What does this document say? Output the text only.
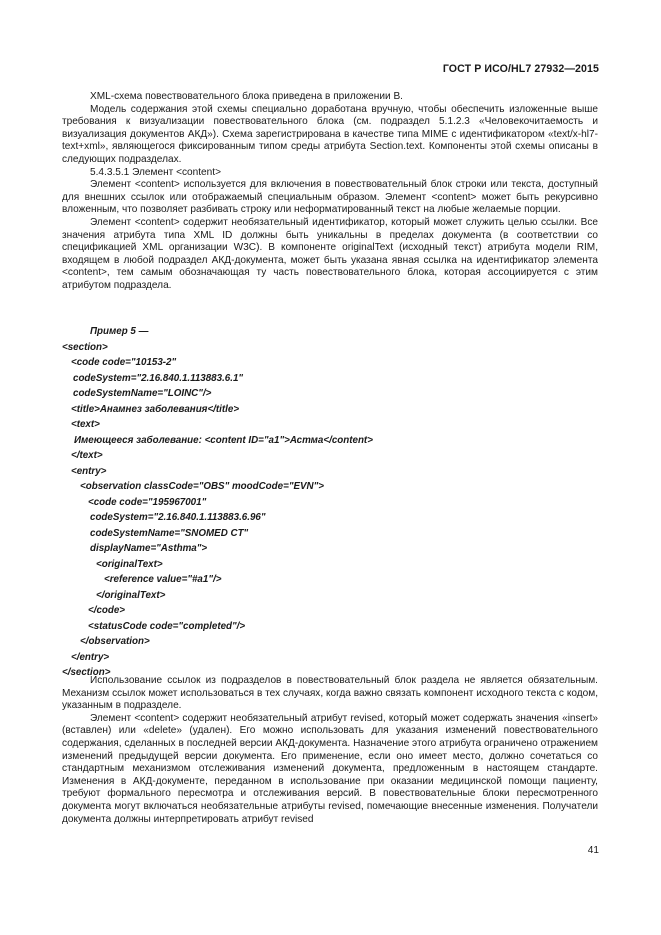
ГОСТ Р ИСО/HL7 27932—2015

XML-схема повествовательного блока приведена в приложении В.

Модель содержания этой схемы специально доработана вручную, чтобы обеспечить изложенные выше требования к визуализации повествовательного блока (см. подраздел 5.1.2.3 «Человекочитаемость и визуализация документов АКД»). Схема зарегистрирована в качестве типа MIME с идентификатором «text/x-hl7-text+xml», являющегося фиксированным типом среды атрибута Section.text. Компоненты этой схемы описаны в следующих подразделах.

5.4.3.5.1 Элемент <content>

Элемент <content> используется для включения в повествовательный блок строки или текста, доступный для внешних ссылок или отображаемый специальным образом. Элемент <content> может быть рекурсивно вложенным, что позволяет разбивать строку или неформатированный текст на любые желаемые порции.

Элемент <content> содержит необязательный идентификатор, который может служить целью ссылки. Все значения атрибута типа XML ID должны быть уникальны в пределах документа (в соответствии со спецификацией XML организации W3C). В компоненте originalText (исходный текст) атрибута модели RIM, входящем в любой подраздел АКД-документа, может быть указана явная ссылка на идентификатор элемента <content>, тем самым обозначающая ту часть повествовательного блока, которая ассоциируется с этим атрибутом подраздела.

Пример 5 —
<section>
<code code="10153-2"
codeSystem="2.16.840.1.113883.6.1"
codeSystemName="LOINC"/>
<title>Анамнез заболевания</title>
<text>
Имеющееся заболевание: <content ID="a1">Астма</content>
</text>
<entry>
<observation classCode="OBS" moodCode="EVN">
<code code="195967001"
codeSystem="2.16.840.1.113883.6.96"
codeSystemName="SNOMED CT"
displayName="Asthma">
<originalText>
<reference value="#a1"/>
</originalText>
</code>
<statusCode code="completed"/>
</observation>
</entry>
</section>

Использование ссылок из подразделов в повествовательный блок раздела не является обязательным. Механизм ссылок может использоваться в тех случаях, когда важно связать компонент исходного текста с кодом, указанным в подразделе.

Элемент <content> содержит необязательный атрибут revised, который может содержать значения «insert» (вставлен) или «delete» (удален). Его можно использовать для указания изменений повествовательного содержания, сделанных в последней версии АКД-документа. Назначение этого атрибута ограничено отражением изменений предыдущей версии документа. Его применение, если оно имеет место, должно сочетаться со стандартным механизмом отслеживания изменений документа, предложенным в настоящем стандарте. Изменения в АКД-документе, переданном в использование при оказании медицинской помощи пациенту, требуют формального пересмотра и отслеживания версий. В повествовательные блоки пересмотренного документа могут включаться необязательные атрибуты revised, помечающие внесенные изменения. Получатели документа должны интерпретировать атрибут revised

41
